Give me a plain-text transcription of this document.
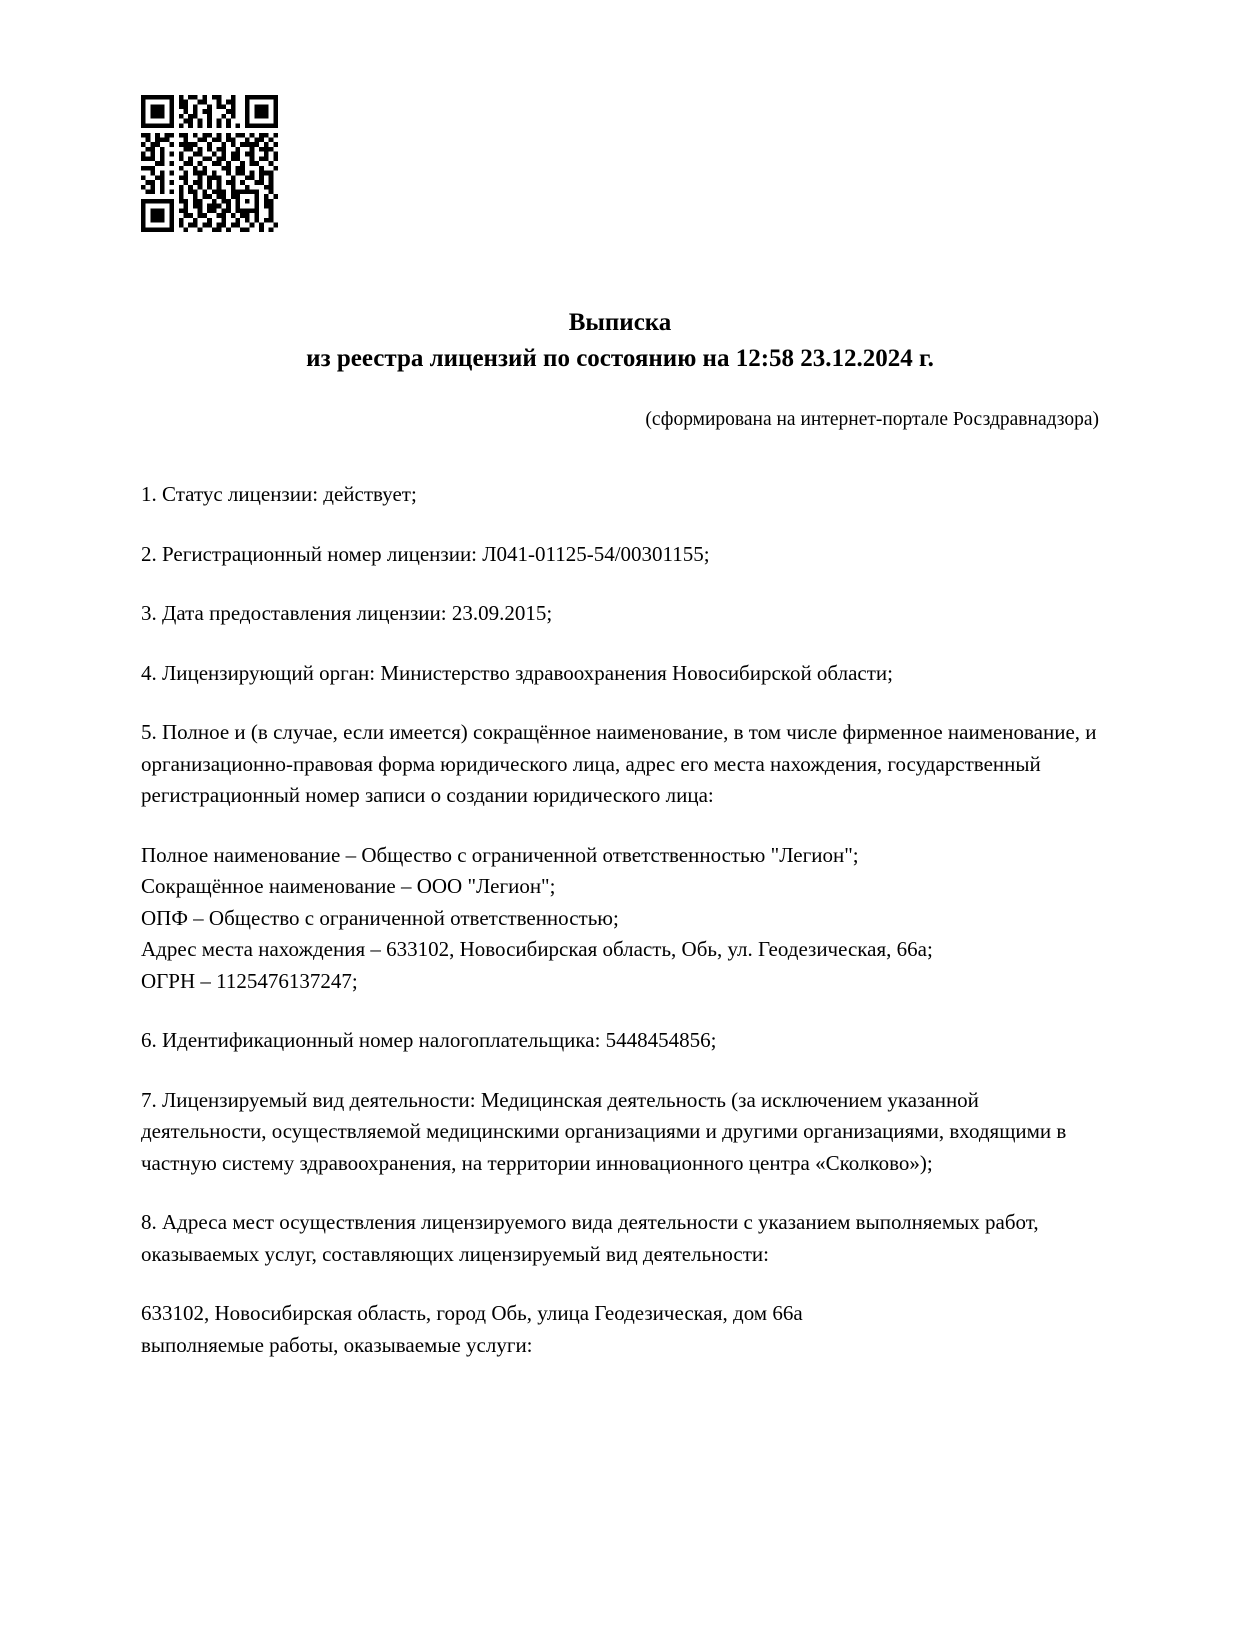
Выписка
из реестра лицензий по состоянию на 12:58 23.12.2024 г.
(сформирована на интернет-портале Росздравнадзора)

1. Статус лицензии: действует;

2. Регистрационный номер лицензии: Л041-01125-54/00301155;

3. Дата предоставления лицензии: 23.09.2015;

4. Лицензирующий орган: Министерство здравоохранения Новосибирской области;

5. Полное и (в случае, если имеется) сокращённое наименование, в том числе фирменное наименование, и организационно-правовая форма юридического лица, адрес его места нахождения, государственный регистрационный номер записи о создании юридического лица:

Полное наименование – Общество с ограниченной ответственностью "Легион";
Сокращённое наименование – ООО "Легион";
ОПФ – Общество с ограниченной ответственностью;
Адрес места нахождения – 633102, Новосибирская область, Обь, ул. Геодезическая, 66а;
ОГРН – 1125476137247;

6. Идентификационный номер налогоплательщика: 5448454856;

7. Лицензируемый вид деятельности: Медицинская деятельность (за исключением указанной деятельности, осуществляемой медицинскими организациями и другими организациями, входящими в частную систему здравоохранения, на территории инновационного центра «Сколково»);

8. Адреса мест осуществления лицензируемого вида деятельности с указанием выполняемых работ, оказываемых услуг, составляющих лицензируемый вид деятельности:

633102, Новосибирская область, город Обь, улица Геодезическая, дом 66а
выполняемые работы, оказываемые услуги:
